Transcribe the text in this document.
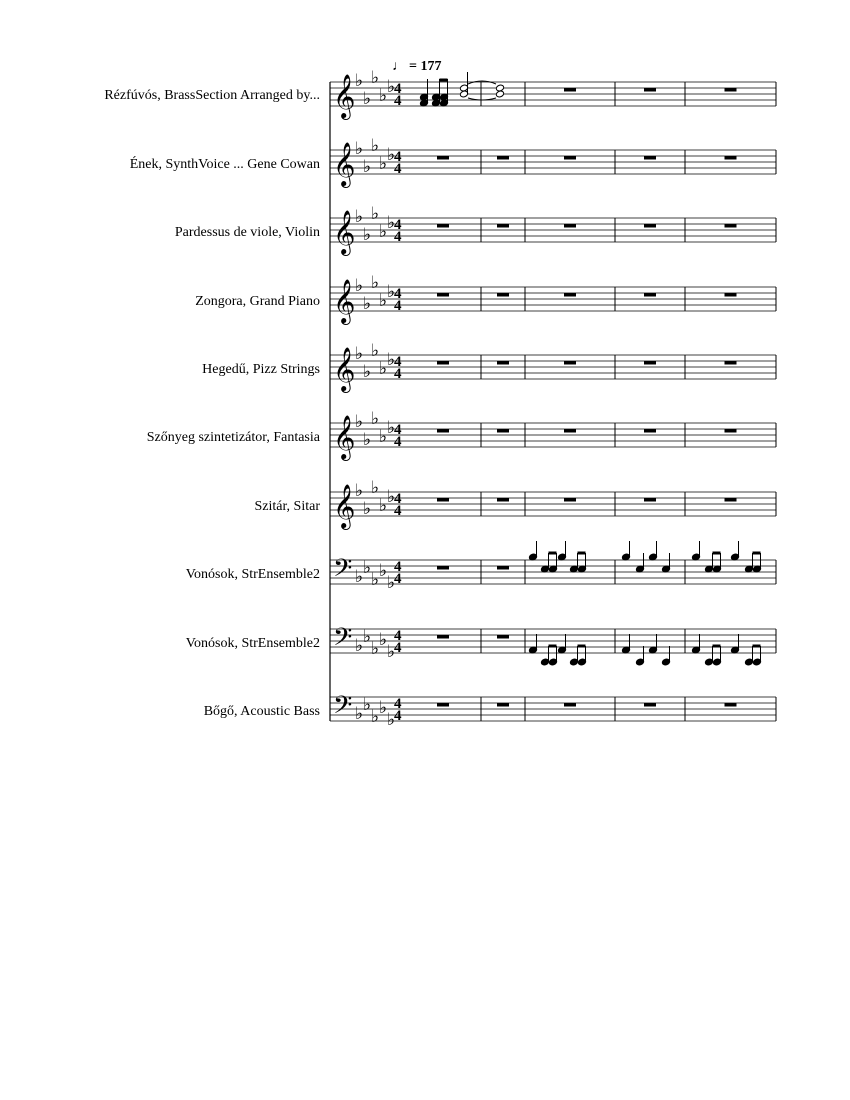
Rézfúvós, BrassSection Arranged by...
Ének, SynthVoice ... Gene Cowan
Pardessus de viole, Violin
Zongora, Grand Piano
Hegedű, Pizz Strings
Szőnyeg szintetizátor, Fantasia
Szitár, Sitar
Vonósok, StrEnsemble2
Vonósok, StrEnsemble2
Bőgő, Acoustic Bass
♩ = 177
𝄞 ♭
♭
♭
♭ ♭
4
4
𝄞 ♭
♭
♭
♭ ♭
4
4
𝄞 ♭
♭
♭
♭ ♭
4
4
𝄞 ♭
♭
♭
♭ ♭
4
4
𝄞 ♭
♭
♭
♭ ♭
4
4
𝄞 ♭
♭
♭
♭ ♭
4
4
𝄞 ♭
♭
♭
♭ ♭
4
4
𝄢 ♭ ♭
♭ ♭
♭
4
4
𝄢 ♭ ♭
♭ ♭
♭
4
4
𝄢 ♭ ♭
♭ ♭
♭
4
4
